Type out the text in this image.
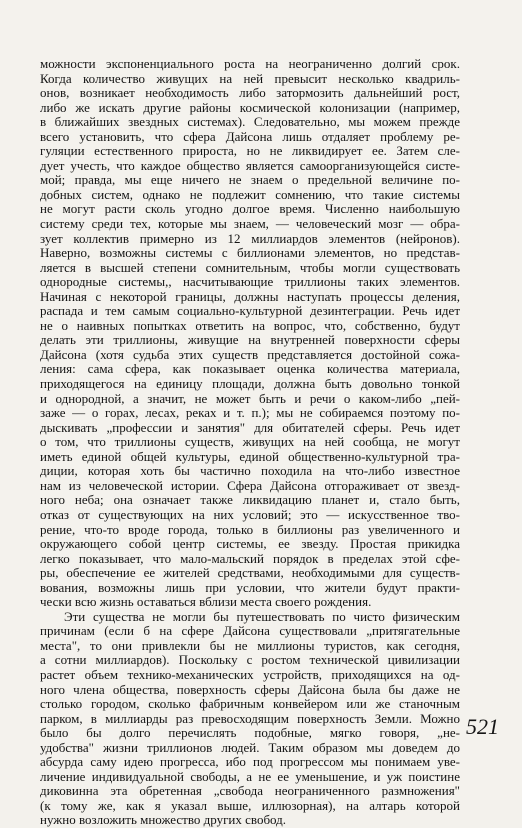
можности экспоненциального роста на неограниченно долгий срок.
Когда количество живущих на ней превысит несколько квадриль-
онов, возникает необходимость либо затормозить дальнейший рост,
либо же искать другие районы космической колонизации (например,
в ближайших звездных системах). Следовательно, мы можем прежде
всего установить, что сфера Дайсона лишь отдаляет проблему ре-
гуляции естественного прироста, но не ликвидирует ее. Затем сле-
дует учесть, что каждое общество является самоорганизующейся систе-
мой; правда, мы еще ничего не знаем о предельной величине по-
добных систем, однако не подлежит сомнению, что такие системы
не могут расти сколь угодно долгое время. Численно наибольшую
систему среди тех, которые мы знаем, — человеческий мозг — обра-
зует коллектив примерно из 12 миллиардов элементов (нейронов).
Наверно, возможны системы с биллионами элементов, но представ-
ляется в высшей степени сомнительным, чтобы могли существовать
однородные системы,, насчитывающие триллионы таких элементов.
Начиная с некоторой границы, должны наступать процессы деления,
распада и тем самым социально-культурной дезинтеграции. Речь идет
не о наивных попытках ответить на вопрос, что, собственно, будут
делать эти триллионы, живущие на внутренней поверхности сферы
Дайсона (хотя судьба этих существ представляется достойной сожа-
ления: сама сфера, как показывает оценка количества материала,
приходящегося на единицу площади, должна быть довольно тонкой
и однородной, а значит, не может быть и речи о каком-либо „пей-
заже — о горах, лесах, реках и т. п.); мы не собираемся поэтому по-
дыскивать „профессии и занятия" для обитателей сферы. Речь идет
о том, что триллионы существ, живущих на ней сообща, не могут
иметь единой общей культуры, единой общественно-культурной тра-
диции, которая хоть бы частично походила на что-либо известное
нам из человеческой истории. Сфера Дайсона отгораживает от звезд-
ного неба; она означает также ликвидацию планет и, стало быть,
отказ от существующих на них условий; это — искусственное тво-
рение, что-то вроде города, только в биллионы раз увеличенного и
окружающего собой центр системы, ее звезду. Простая прикидка
легко показывает, что мало-мальский порядок в пределах этой сфе-
ры, обеспечение ее жителей средствами, необходимыми для существ-
вования, возможны лишь при условии, что жители будут практи-
чески всю жизнь оставаться вблизи места своего рождения.
Эти существа не могли бы путешествовать по чисто физическим
причинам (если б на сфере Дайсона существовали „притягательные
места", то они привлекли бы не миллионы туристов, как сегодня,
а сотни миллиардов). Поскольку с ростом технической цивилизации
растет объем технико-механических устройств, приходящихся на од-
ного члена общества, поверхность сферы Дайсона была бы даже не
столько городом, сколько фабричным конвейером или же станочным
парком, в миллиарды раз превосходящим поверхность Земли. Можно
было бы долго перечислять подобные, мягко говоря, „не-
удобства" жизни триллионов людей. Таким образом мы доведем до
абсурда саму идею прогресса, ибо под прогрессом мы понимаем уве-
личение индивидуальной свободы, а не ее уменьшение, и уж поистине
диковинна эта обретенная „свобода неограниченного размножения"
(к тому же, как я указал выше, иллюзорная), на алтарь которой
нужно возложить множество других свобод.
521
